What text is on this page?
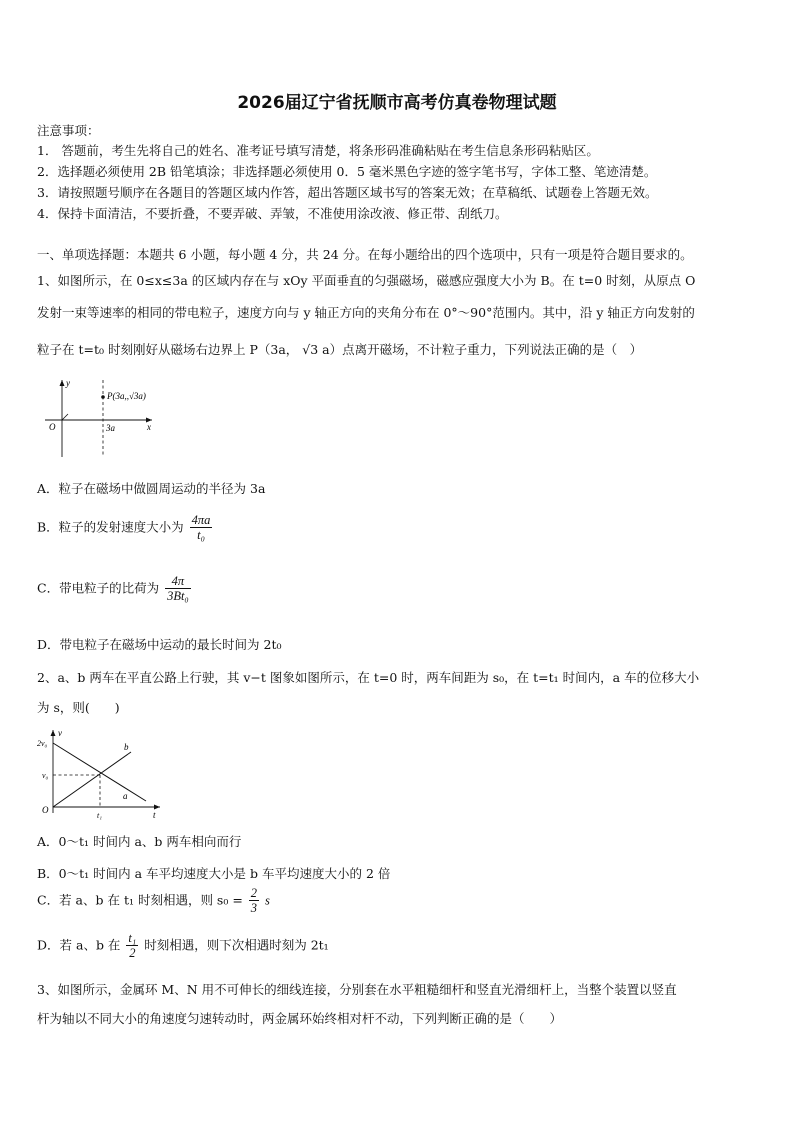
2026届辽宁省抚顺市高考仿真卷物理试题
注意事项：
1． 答题前，考生先将自己的姓名、准考证号填写清楚，将条形码准确粘贴在考生信息条形码粘贴区。
2．选择题必须使用 2B 铅笔填涂；非选择题必须使用 0．5 毫米黑色字迹的签字笔书写，字体工整、笔迹清楚。
3．请按照题号顺序在各题目的答题区域内作答，超出答题区域书写的答案无效；在草稿纸、试题卷上答题无效。
4．保持卡面清洁，不要折叠，不要弄破、弄皱，不准使用涂改液、修正带、刮纸刀。
一、单项选择题：本题共 6 小题，每小题 4 分，共 24 分。在每小题给出的四个选项中，只有一项是符合题目要求的。
1、如图所示，在 0≤x≤3a 的区域内存在与 xOy 平面垂直的匀强磁场，磁感应强度大小为 B。在 t=0 时刻，从原点 O
发射一束等速率的相同的带电粒子，速度方向与 y 轴正方向的夹角分布在 0°～90°范围内。其中，沿 y 轴正方向发射的
粒子在 t=t₀ 时刻刚好从磁场右边界上 P（3a， √3 a）点离开磁场，不计粒子重力，下列说法正确的是（　）
y
x
O	3a
P(3a,,√3a)
A．粒子在磁场中做圆周运动的半径为 3a
B．粒子的发射速度大小为 $\frac{4\pi a}{\text{t₀}}$
C．带电粒子的比荷为 $\frac{4\pi}{\text{3Bt₀}}$
D．带电粒子在磁场中运动的最长时间为 2t₀
2、a、b 两车在平直公路上行驶，其 v−t 图象如图所示，在 t=0 时，两车间距为 s₀，在 t=t₁ 时间内，a 车的位移大小
为 s，则(　　)
v
t
O
2v₀
v₀
t₁
a
b
A．0～t₁ 时间内 a、b 两车相向而行
B．0～t₁ 时间内 a 车平均速度大小是 b 车平均速度大小的 2 倍
C．若 a、b 在 t₁ 时刻相遇，则 $s_0 = \frac{2}{3}$ s
D．若 a、b 在 $\frac{\text{t₁}}{2}$ 时刻相遇，则下次相遇时刻为 2t₁
3、如图所示，金属环 M、N 用不可伸长的细线连接，分别套在水平粗糙细杆和竖直光滑细杆上，当整个装置以竖直
杆为轴以不同大小的角速度匀速转动时，两金属环始终相对杆不动，下列判断正确的是（　　）
